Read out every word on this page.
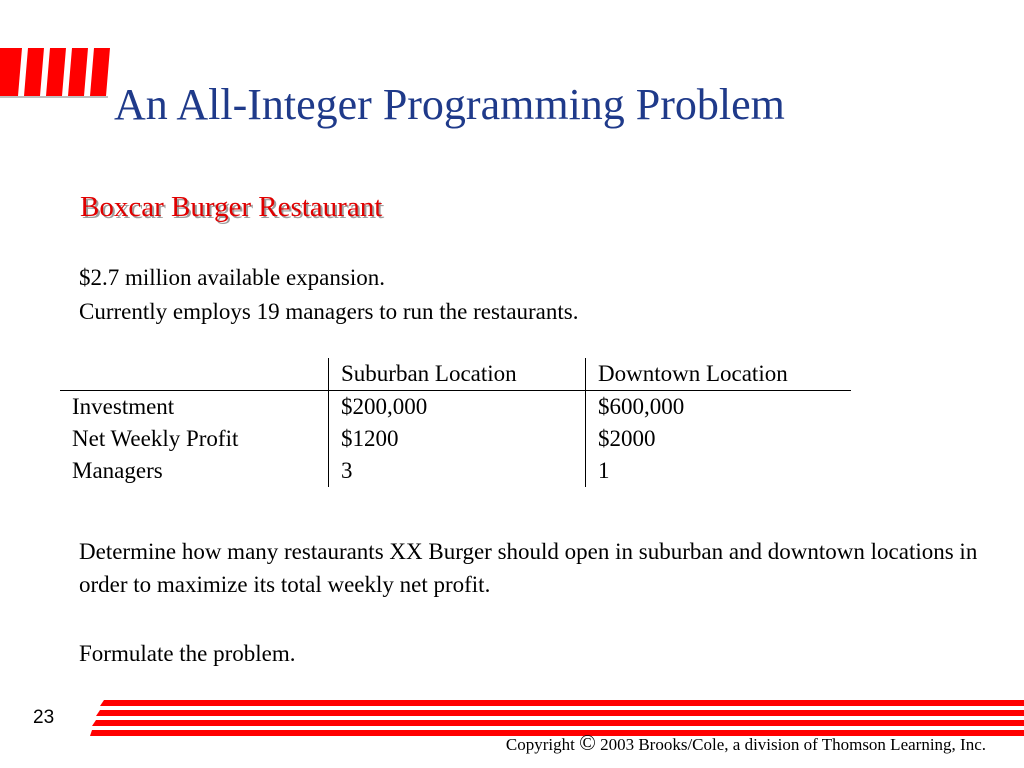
An All-Integer Programming Problem
Boxcar Burger Restaurant
$2.7 million available expansion.
Currently employs 19 managers to run the restaurants.
	Suburban Location	Downtown Location
Investment	$200,000	$600,000
Net Weekly Profit	$1200	$2000
Managers	3	1
Determine how many restaurants XX Burger should open in suburban and downtown locations in order to maximize its total weekly net profit.
Formulate the problem.
23
Copyright © 2003 Brooks/Cole, a division of Thomson Learning, Inc.
